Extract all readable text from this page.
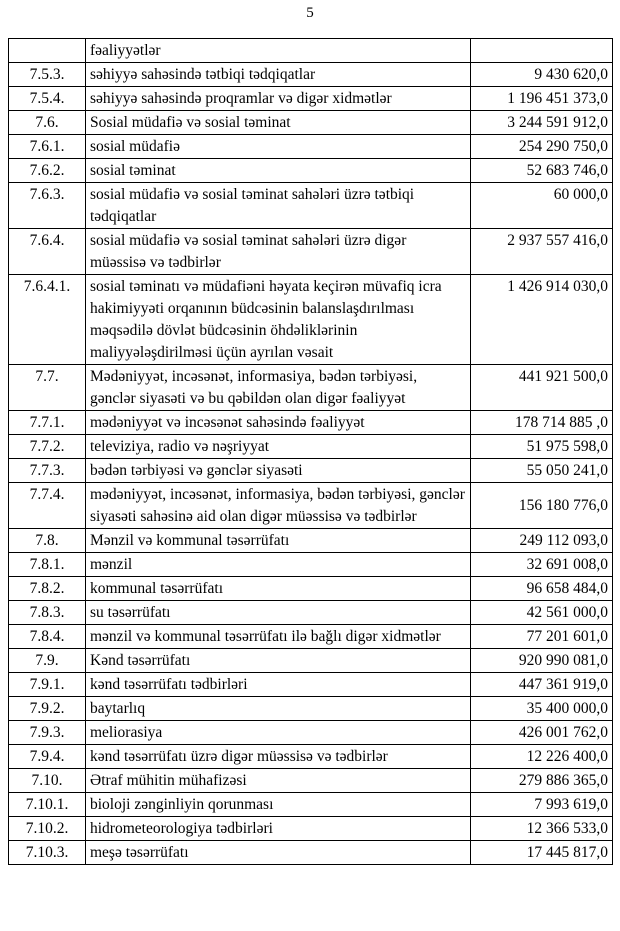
5
	fəaliyyətlər	
7.5.3.	səhiyyə sahəsində tətbiqi tədqiqatlar	9 430 620,0
7.5.4.	səhiyyə sahəsində proqramlar və digər xidmətlər	1 196 451 373,0
7.6.	Sosial müdafiə və sosial təminat	3 244 591 912,0
7.6.1.	sosial müdafiə	254 290 750,0
7.6.2.	sosial təminat	52 683 746,0
7.6.3.	sosial müdafiə və sosial təminat sahələri üzrə tətbiqi tədqiqatlar	60 000,0
7.6.4.	sosial müdafiə və sosial təminat sahələri üzrə digər müəssisə və tədbirlər	2 937 557 416,0
7.6.4.1.	sosial təminatı və müdafiəni həyata keçirən müvafiq icra hakimiyyəti orqanının büdcəsinin balanslaşdırılması məqsədilə dövlət büdcəsinin öhdəliklərinin maliyyələşdirilməsi üçün ayrılan vəsait	1 426 914 030,0
7.7.	Mədəniyyət, incəsənət, informasiya, bədən tərbiyəsi, gənclər siyasəti və bu qəbildən olan digər fəaliyyət	441 921 500,0
7.7.1.	mədəniyyət və incəsənət sahəsində fəaliyyət	178 714 885 ,0
7.7.2.	televiziya, radio və nəşriyyat	51 975 598,0
7.7.3.	bədən tərbiyəsi və gənclər siyasəti	55 050 241,0
7.7.4.	mədəniyyət, incəsənət, informasiya, bədən tərbiyəsi, gənclər siyasəti sahəsinə aid olan digər müəssisə və tədbirlər	156 180 776,0
7.8.	Mənzil və kommunal təsərrüfatı	249 112 093,0
7.8.1.	mənzil	32 691 008,0
7.8.2.	kommunal təsərrüfatı	96 658 484,0
7.8.3.	su təsərrüfatı	42 561 000,0
7.8.4.	mənzil və kommunal təsərrüfatı ilə bağlı digər xidmətlər	77 201 601,0
7.9.	Kənd təsərrüfatı	920 990 081,0
7.9.1.	kənd təsərrüfatı tədbirləri	447 361 919,0
7.9.2.	baytarlıq	35 400 000,0
7.9.3.	meliorasiya	426 001 762,0
7.9.4.	kənd təsərrüfatı üzrə digər müəssisə və tədbirlər	12 226 400,0
7.10.	Ətraf mühitin mühafizəsi	279 886 365,0
7.10.1.	bioloji zənginliyin qorunması	7 993 619,0
7.10.2.	hidrometeorologiya tədbirləri	12 366 533,0
7.10.3.	meşə təsərrüfatı	17 445 817,0
